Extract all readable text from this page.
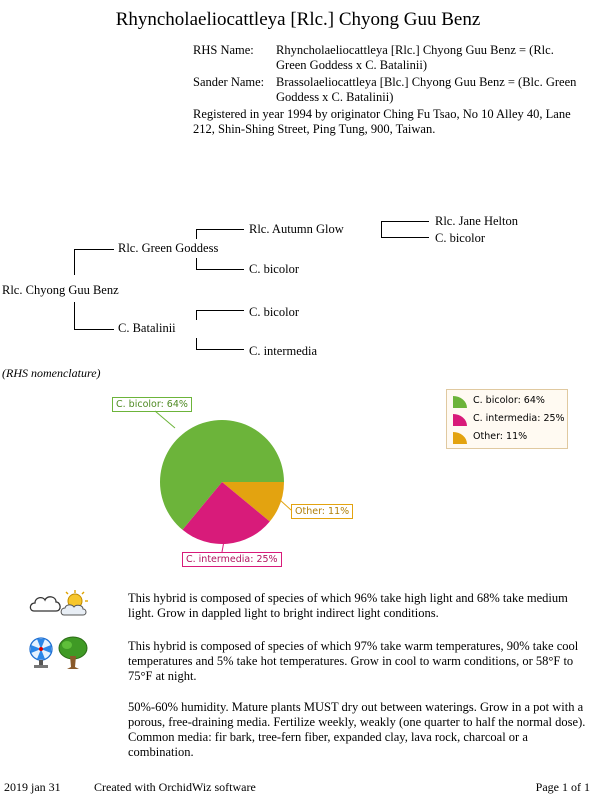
Rhyncholaeliocattleya [Rlc.] Chyong Guu Benz
RHS Name:	Rhyncholaeliocattleya [Rlc.] Chyong Guu Benz = (Rlc. Green Goddess x C. Batalinii)
Sander Name: Brassolaeliocattleya [Blc.] Chyong Guu Benz = (Blc. Green Goddess x C. Batalinii)
Registered in year 1994 by originator Ching Fu Tsao, No 10 Alley 40, Lane 212, Shin-Shing Street, Ping Tung, 900, Taiwan.
Rlc. Autumn Glow
Rlc. Jane Helton
C. bicolor
Rlc. Green Goddess
C. bicolor
Rlc. Chyong Guu Benz
C. bicolor
C. Batalinii
C. intermedia
(RHS nomenclature)
C. bicolor: 64%
C. intermedia: 25%
Other: 11%
C. bicolor: 64%
C. intermedia: 25%
Other: 11%
This hybrid is composed of species of which 96% take high light and 68% take medium light. Grow in dappled light to bright indirect light conditions.
This hybrid is composed of species of which 97% take warm temperatures, 90% take cool temperatures and 5% take hot temperatures. Grow in cool to warm conditions, or 58°F to 75°F at night.
50%-60% humidity. Mature plants MUST dry out between waterings. Grow in a pot with a porous, free-draining media. Fertilize weekly, weakly (one quarter to half the normal dose). Common media: fir bark, tree-fern fiber, expanded clay, lava rock, charcoal or a combination.
2019 jan 31	Created with OrchidWiz software	Page 1 of 1
